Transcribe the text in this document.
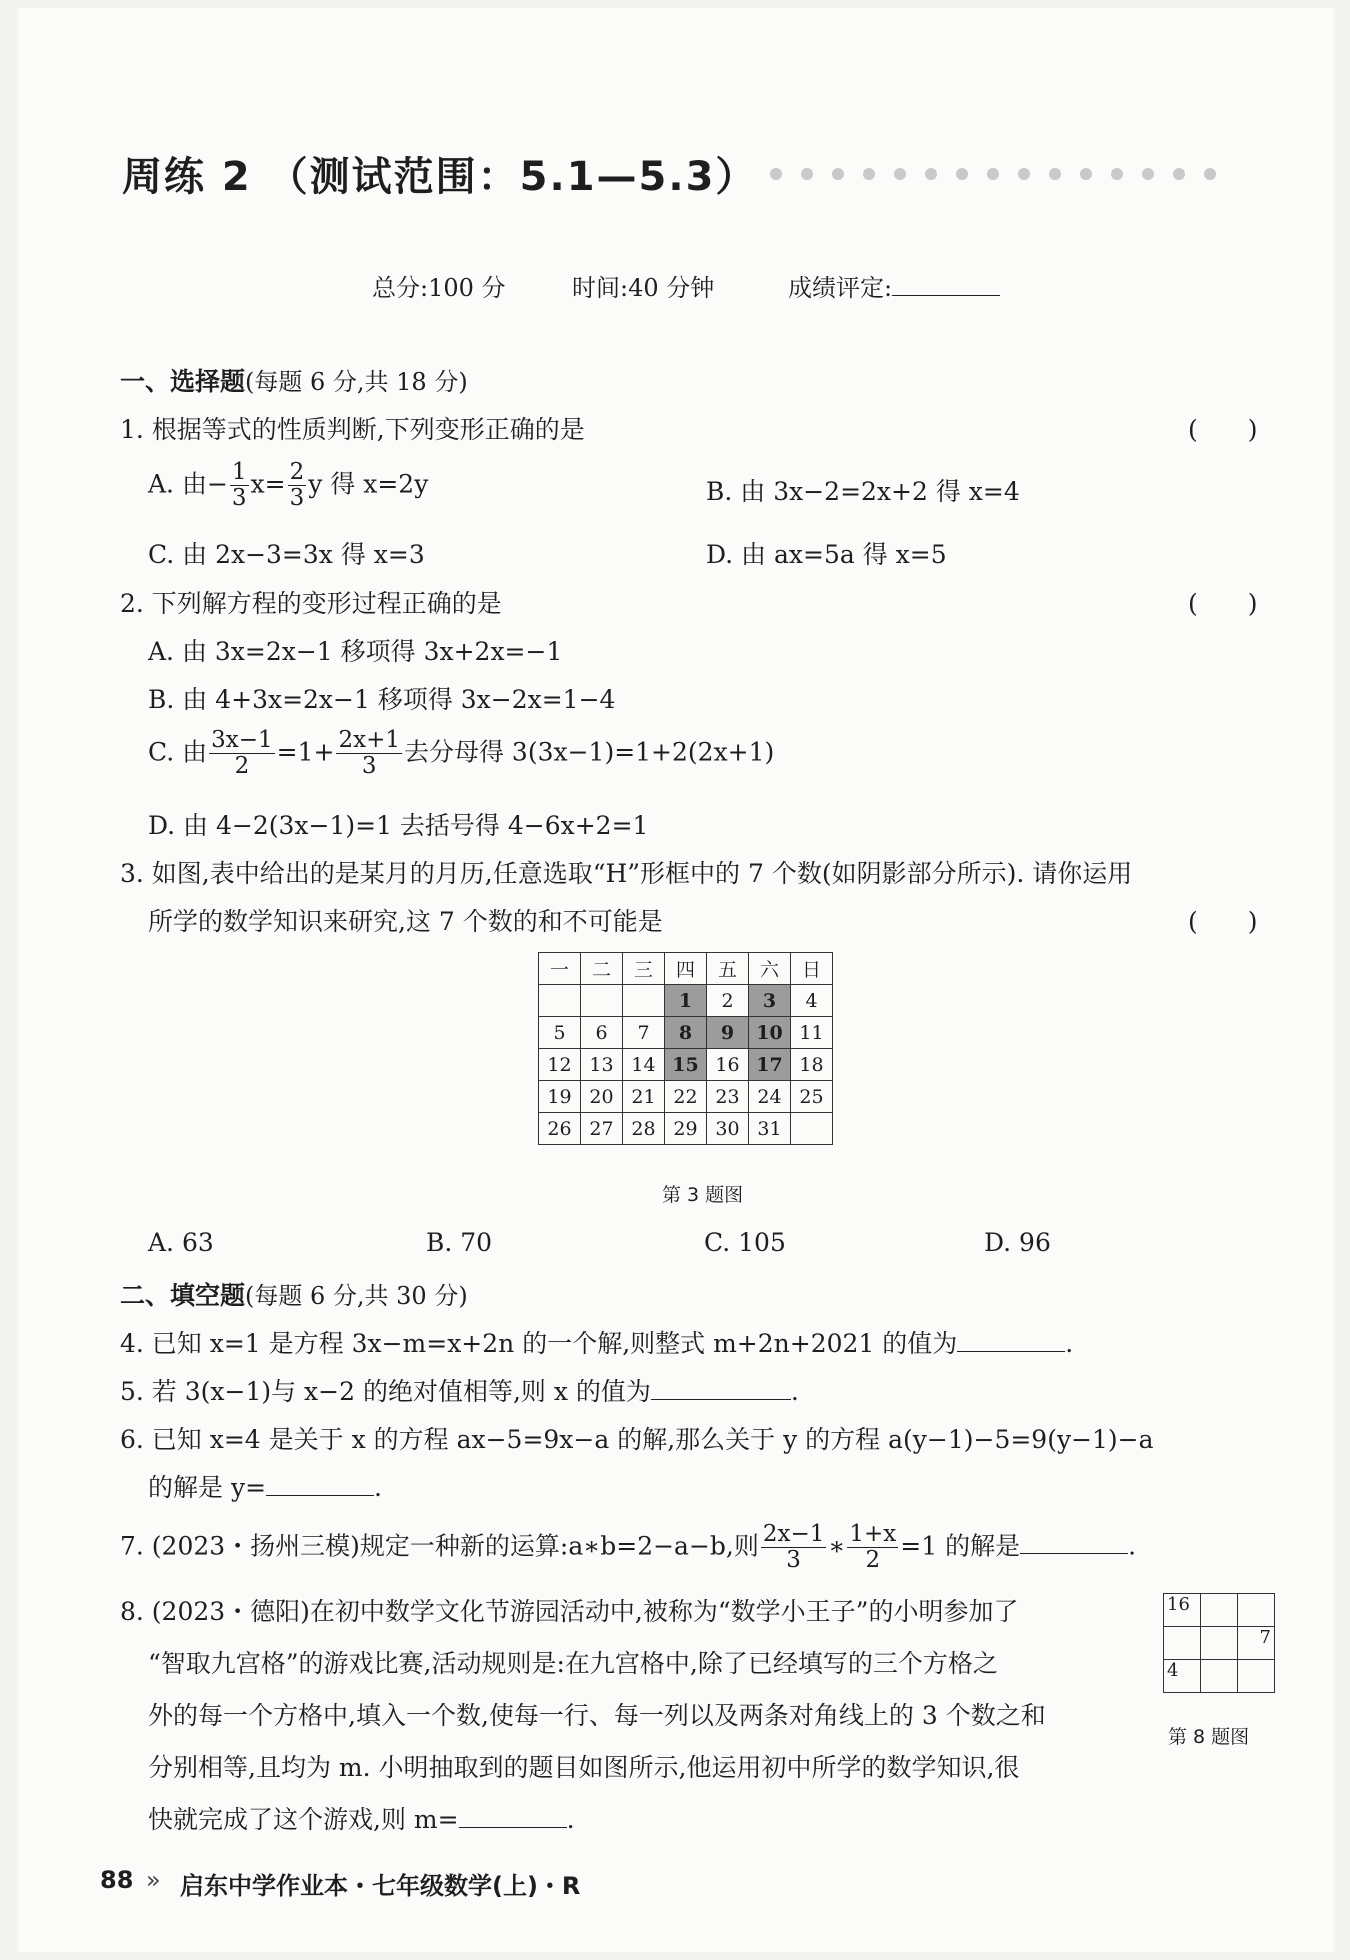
周练 2 （测试范围：5.1—5.3）
总分:100 分	时间:40 分钟	成绩评定:
一、选择题(每题 6 分,共 18 分)
1. 根据等式的性质判断,下列变形正确的是	(　　)
A. 由− $\frac{1}{3} x= \frac{2}{3}$ y 得 x=2y	B. 由 3x−2=2x+2 得 x=4
C. 由 2x−3=3x 得 x=3	D. 由 ax=5a 得 x=5
2. 下列解方程的变形过程正确的是	(　　)
A. 由 3x=2x−1 移项得 3x+2x=−1
B. 由 4+3x=2x−1 移项得 3x−2x=1−4
C. 由 $\frac{3x-1}{2} =1+ \frac{2x+1}{3}$ 去分母得 3(3x−1)=1+2(2x+1)
D. 由 4−2(3x−1)=1 去括号得 4−6x+2=1
3. 如图,表中给出的是某月的月历,任意选取“H”形框中的 7 个数(如阴影部分所示). 请你运用
所学的数学知识来研究,这 7 个数的和不可能是	(　　)
一	二	三	四	五	六	日
			1	2	3	4
5	6	7	8	9	10	11
12	13	14	15	16	17	18
19	20	21	22	23	24	25
26	27	28	29	30	31	
第 3 题图
A. 63	B. 70	C. 105	D. 96
二、填空题(每题 6 分,共 30 分)
4. 已知 x=1 是方程 3x−m=x+2n 的一个解,则整式 m+2n+2021 的值为	.
5. 若 3(x−1)与 x−2 的绝对值相等,则 x 的值为	.
6. 已知 x=4 是关于 x 的方程 ax−5=9x−a 的解,那么关于 y 的方程 a(y−1)−5=9(y−1)−a
的解是 y=	.
7. (2023・扬州三模)规定一种新的运算:a∗b=2−a−b,则 $\frac{2x-1}{3}$ ∗ $\frac{1+x}{2} =1$ 的解是	.
8. (2023・德阳)在初中数学文化节游园活动中,被称为“数学小王子”的小明参加了
“智取九宫格”的游戏比赛,活动规则是:在九宫格中,除了已经填写的三个方格之
外的每一个方格中,填入一个数,使每一行、每一列以及两条对角线上的 3 个数之和
分别相等,且均为 m. 小明抽取到的题目如图所示,他运用初中所学的数学知识,很
快就完成了这个游戏,则 m=	.
16		
		7
4		
第 8 题图
88 » 启东中学作业本・七年级数学(上)・R
